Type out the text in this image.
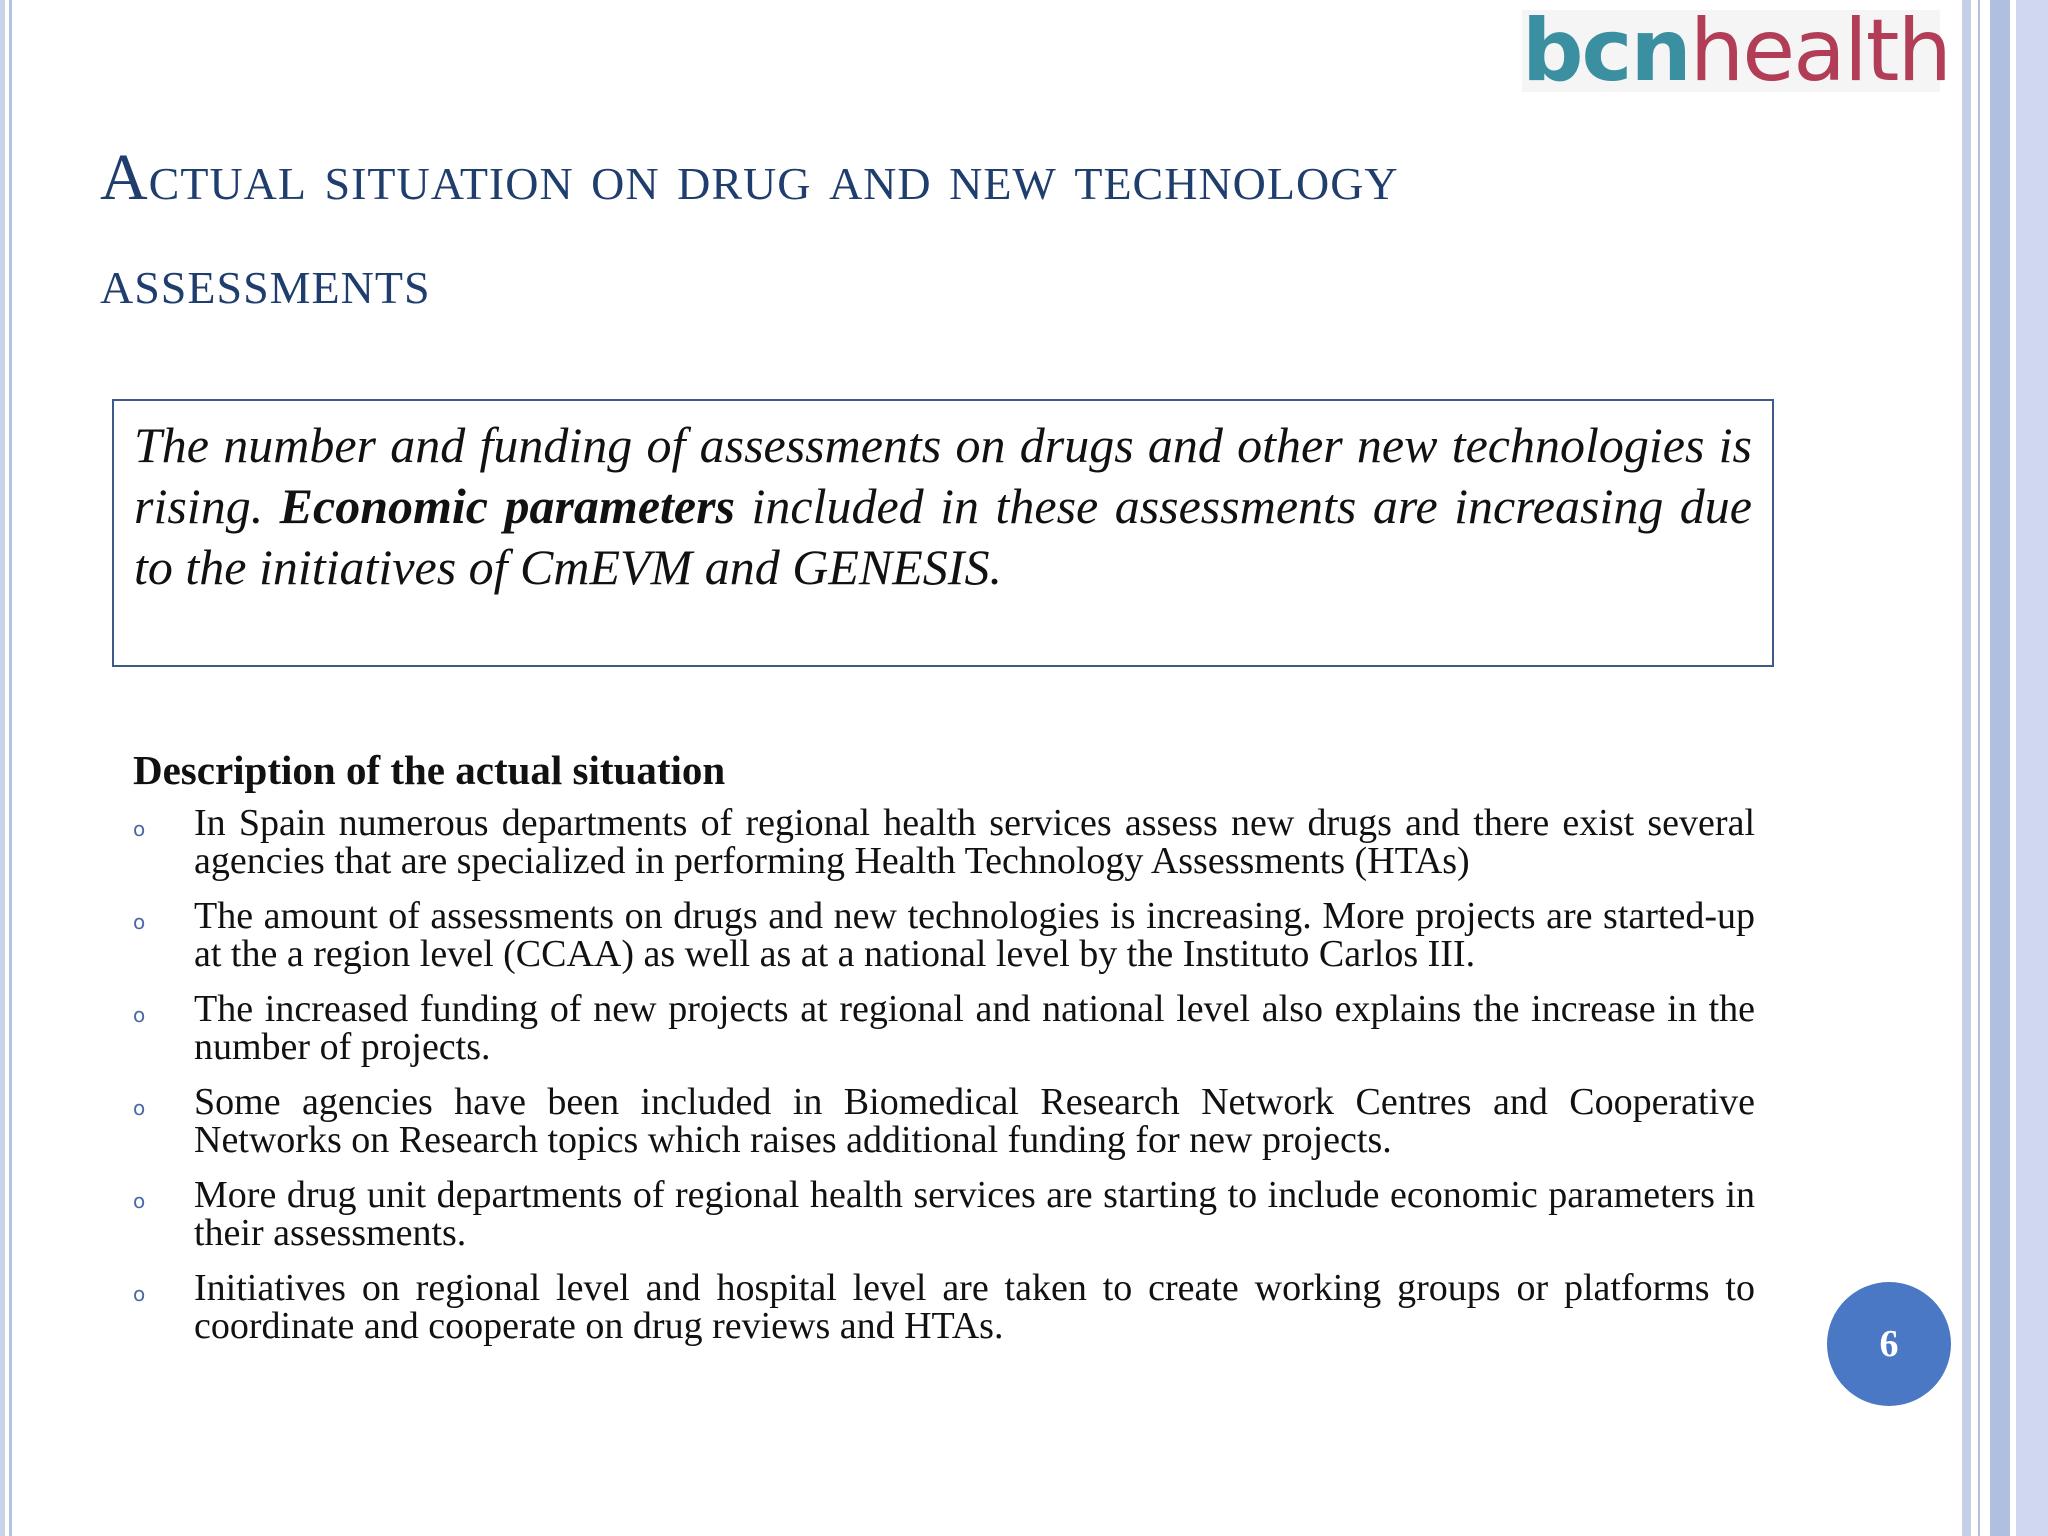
bcnhealth
Actual situation on drug and new technology assessments
The number and funding of assessments on drugs and other new technologies is rising. Economic parameters included in these assessments are increasing due to the initiatives of CmEVM and GENESIS.
Description of the actual situation
o In Spain numerous departments of regional health services assess new drugs and there exist several agencies that are specialized in performing Health Technology Assessments (HTAs)
o The amount of assessments on drugs and new technologies is increasing. More projects are started-up at the a region level (CCAA) as well as at a national level by the Instituto Carlos III.
o The increased funding of new projects at regional and national level also explains the increase in the number of projects.
o Some agencies have been included in Biomedical Research Network Centres and Cooperative Networks on Research topics which raises additional funding for new projects.
o More drug unit departments of regional health services are starting to include economic parameters in their assessments.
o Initiatives on regional level and hospital level are taken to create working groups or platforms to coordinate and cooperate on drug reviews and HTAs.	6
